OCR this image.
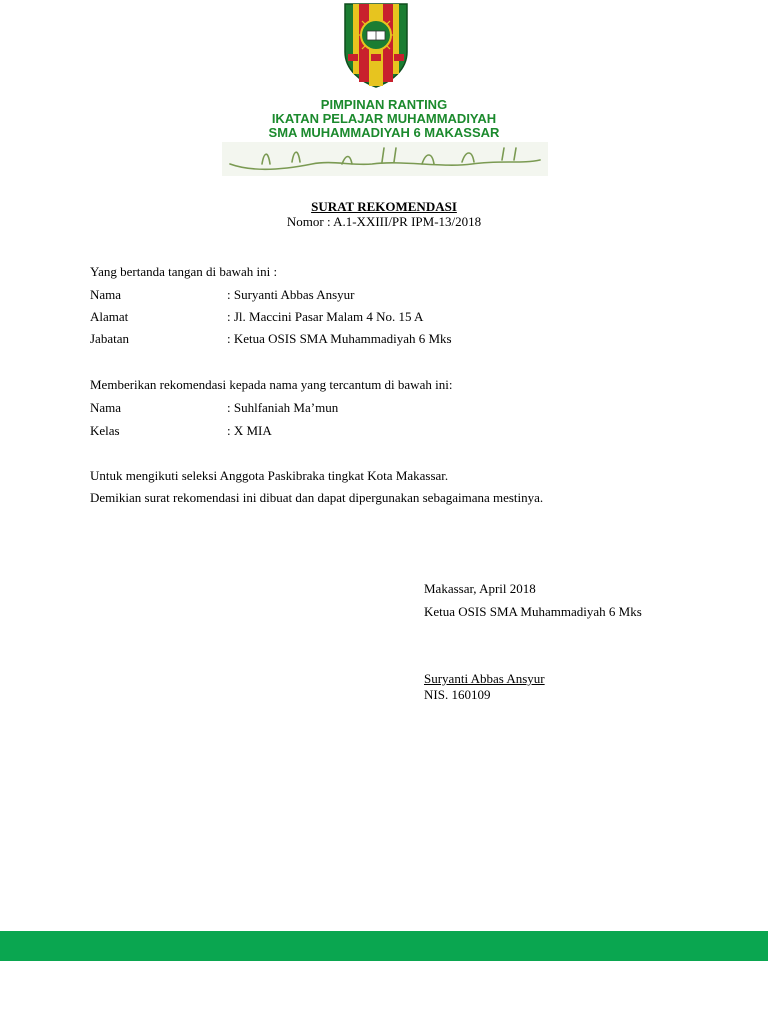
PIMPINAN RANTING
IKATAN PELAJAR MUHAMMADIYAH
SMA MUHAMMADIYAH 6 MAKASSAR
SURAT REKOMENDASI
Nomor : A.1-XXIII/PR IPM-13/2018
Yang bertanda tangan di bawah ini :
Nama	: Suryanti Abbas Ansyur
Alamat	: Jl. Maccini Pasar Malam 4 No. 15 A
Jabatan	: Ketua OSIS SMA Muhammadiyah 6 Mks
Memberikan rekomendasi kepada nama yang tercantum di bawah ini:
Nama	: Suhlfaniah Ma’mun
Kelas	: X MIA
Untuk mengikuti seleksi Anggota Paskibraka tingkat Kota Makassar.
Demikian surat rekomendasi ini dibuat dan dapat dipergunakan sebagaimana mestinya.
Makassar, April 2018
Ketua OSIS SMA Muhammadiyah 6 Mks
Suryanti Abbas Ansyur
NIS. 160109
